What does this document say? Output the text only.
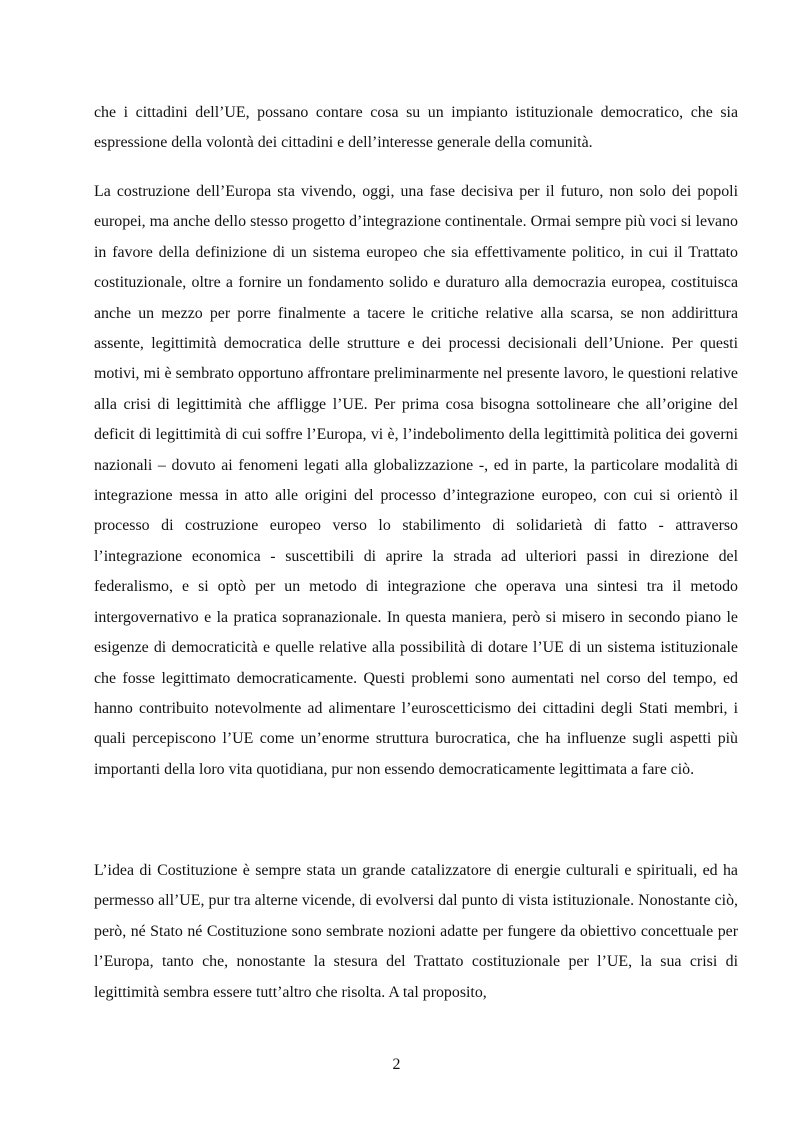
che i cittadini dell’UE, possano contare cosa su un impianto istituzionale democratico, che sia espressione della volontà dei cittadini e dell’interesse generale della comunità.

La costruzione dell’Europa sta vivendo, oggi, una fase decisiva per il futuro, non solo dei popoli europei, ma anche dello stesso progetto d’integrazione continentale. Ormai sempre più voci si levano in favore della definizione di un sistema europeo che sia effettivamente politico, in cui il Trattato costituzionale, oltre a fornire un fondamento solido e duraturo alla democrazia europea, costituisca anche un mezzo per porre finalmente a tacere le critiche relative alla scarsa, se non addirittura assente, legittimità democratica delle strutture e dei processi decisionali dell’Unione. Per questi motivi, mi è sembrato opportuno affrontare preliminarmente nel presente lavoro, le questioni relative alla crisi di legittimità che affligge l’UE. Per prima cosa bisogna sottolineare che all’origine del deficit di legittimità di cui soffre l’Europa, vi è, l’indebolimento della legittimità politica dei governi nazionali – dovuto ai fenomeni legati alla globalizzazione -, ed in parte, la particolare modalità di integrazione messa in atto alle origini del processo d’integrazione europeo, con cui si orientò il processo di costruzione europeo verso lo stabilimento di solidarietà di fatto - attraverso l’integrazione economica - suscettibili di aprire la strada ad ulteriori passi in direzione del federalismo, e si optò per un metodo di integrazione che operava una sintesi tra il metodo intergovernativo e la pratica sopranazionale. In questa maniera, però si misero in secondo piano le esigenze di democraticità e quelle relative alla possibilità di dotare l’UE di un sistema istituzionale che fosse legittimato democraticamente. Questi problemi sono aumentati nel corso del tempo, ed hanno contribuito notevolmente ad alimentare l’euroscetticismo dei cittadini degli Stati membri, i quali percepiscono l’UE come un’enorme struttura burocratica, che ha influenze sugli aspetti più importanti della loro vita quotidiana, pur non essendo democraticamente legittimata a fare ciò.

L’idea di Costituzione è sempre stata un grande catalizzatore di energie culturali e spirituali, ed ha permesso all’UE, pur tra alterne vicende, di evolversi dal punto di vista istituzionale. Nonostante ciò, però, né Stato né Costituzione sono sembrate nozioni adatte per fungere da obiettivo concettuale per l’Europa, tanto che, nonostante la stesura del Trattato costituzionale per l’UE, la sua crisi di legittimità sembra essere tutt’altro che risolta. A tal proposito,

2
